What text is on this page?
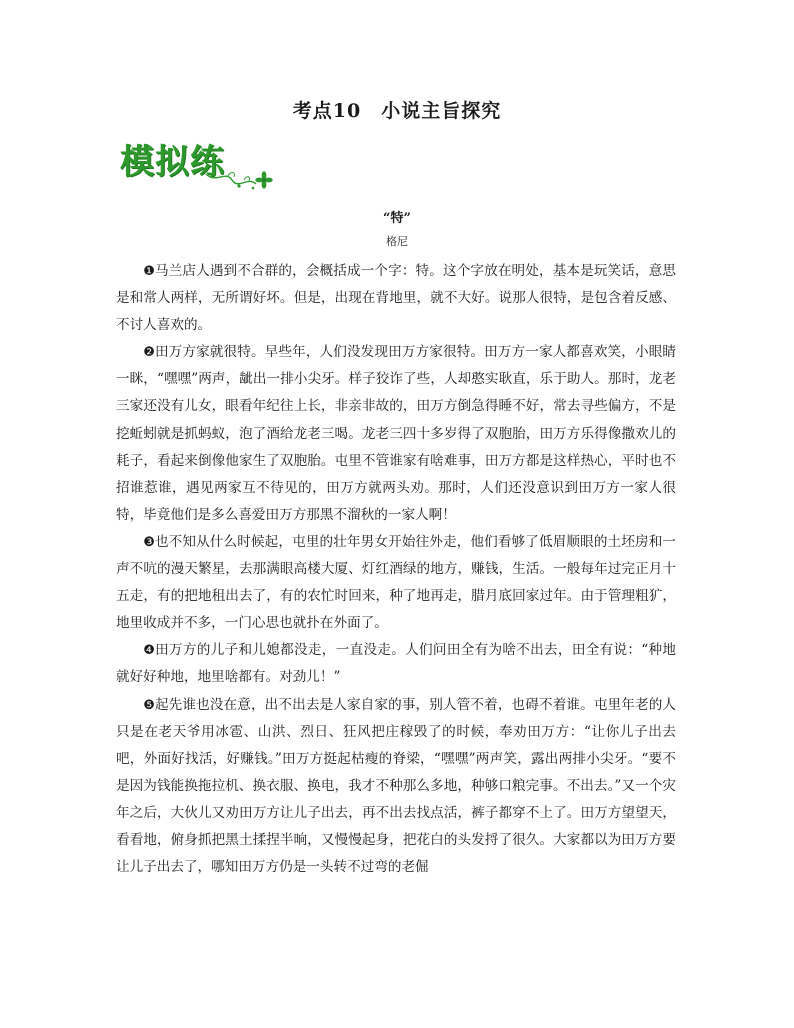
考点10　小说主旨探究
模拟练
“特”
格尼

❶马兰店人遇到不合群的，会概括成一个字：特。这个字放在明处，基本是玩笑话，意思是和常人两样，无所谓好坏。但是，出现在背地里，就不大好。说那人很特，是包含着反感、不讨人喜欢的。

❷田万方家就很特。早些年，人们没发现田万方家很特。田万方一家人都喜欢笑，小眼睛一眯，“嘿嘿”两声，龇出一排小尖牙。样子狡诈了些，人却憨实耿直，乐于助人。那时，龙老三家还没有儿女，眼看年纪往上长，非亲非故的，田万方倒急得睡不好，常去寻些偏方，不是挖蚯蚓就是抓蚂蚁，泡了酒给龙老三喝。龙老三四十多岁得了双胞胎，田万方乐得像撒欢儿的耗子，看起来倒像他家生了双胞胎。屯里不管谁家有啥难事，田万方都是这样热心，平时也不招谁惹谁，遇见两家互不待见的，田万方就两头劝。那时，人们还没意识到田万方一家人很特，毕竟他们是多么喜爱田万方那黑不溜秋的一家人啊！

❸也不知从什么时候起，屯里的壮年男女开始往外走，他们看够了低眉顺眼的土坯房和一声不吭的漫天繁星，去那满眼高楼大厦、灯红酒绿的地方，赚钱，生活。一般每年过完正月十五走，有的把地租出去了，有的农忙时回来，种了地再走，腊月底回家过年。由于管理粗犷，地里收成并不多，一门心思也就扑在外面了。

❹田万方的儿子和儿媳都没走，一直没走。人们问田全有为啥不出去，田全有说：“种地就好好种地，地里啥都有。对劲儿！”

❺起先谁也没在意，出不出去是人家自家的事，别人管不着，也碍不着谁。屯里年老的人只是在老天爷用冰雹、山洪、烈日、狂风把庄稼毁了的时候，奉劝田万方：“让你儿子出去吧，外面好找活，好赚钱。”田万方挺起枯瘦的脊梁，“嘿嘿”两声笑，露出两排小尖牙。“要不是因为钱能换拖拉机、换衣服、换电，我才不种那么多地，种够口粮完事。不出去。”又一个灾年之后，大伙儿又劝田万方让儿子出去，再不出去找点活，裤子都穿不上了。田万方望望天，看看地，俯身抓把黑土揉捏半晌，又慢慢起身，把花白的头发捋了很久。大家都以为田万方要让儿子出去了，哪知田万方仍是一头转不过弯的老倔
